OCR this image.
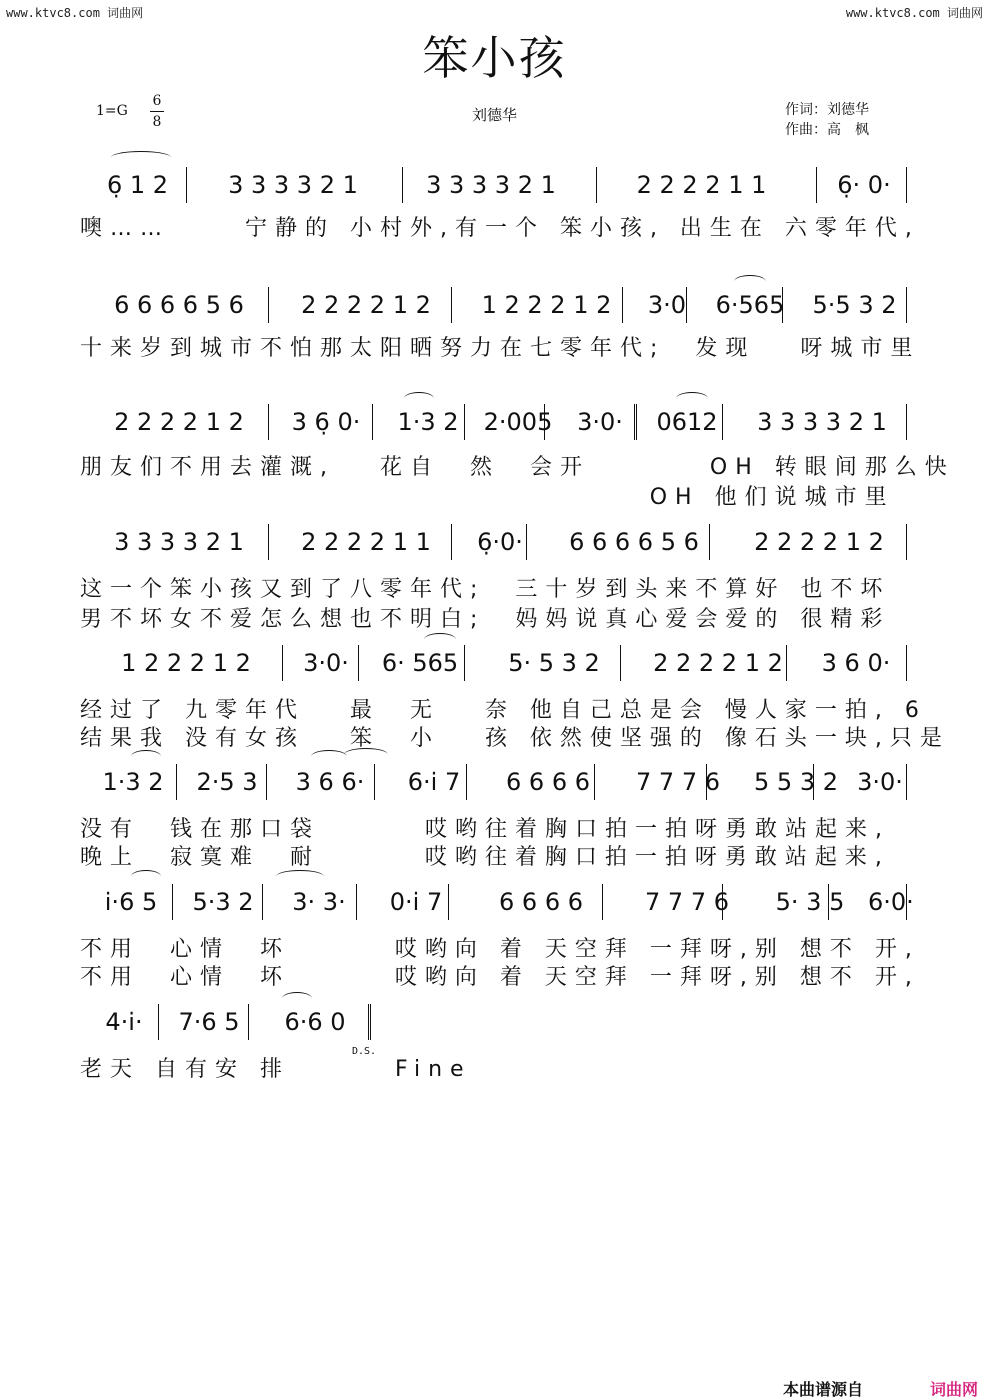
www.ktvc8.com 词曲网	www.ktvc8.com 词曲网
笨小孩
1=G
6
8	刘德华	作词：刘德华
作曲：高　枫
6̣ 1 2	3 3 3 3 2 1	3 3 3 3 2 1	2 2 2 2 1 1	6̣· 0·
噢……     宁静的 小村外,有一个 笨小孩, 出生在 六零年代,
6 6 6 6 5 6	2 2 2 2 1 2	1 2 2 2 1 2	3·0	6·565	5·5 3 2
十来岁到城市不怕那太阳晒努力在七零年代;  发现   呀城市里
2 2 2 2 1 2	3 6̣ 0·	1·3 2	2·005	3·0·	0612	3 3 3 3 2 1
朋友们不用去灌溉,   花自  然  会开        OH 转眼间那么快
OH 他们说城市里
3 3 3 3 2 1	2 2 2 2 1 1	6̣·0·	6 6 6 6 5 6	2 2 2 2 1 2
这一个笨小孩又到了八零年代;  三十岁到头来不算好 也不坏
男不坏女不爱怎么想也不明白;  妈妈说真心爱会爱的 很精彩
1 2 2 2 1 2	3·0·	6· 565	5· 5 3 2	2 2 2 2 1 2	3 6 0·
经过了 九零年代   最  无   奈 他自己总是会 慢人家一拍, 6
结果我 没有女孩   笨  小   孩 依然使坚强的 像石头一块,只是
1·3 2	2·5 3	3 6 6·	6·i̇ 7	6 6 6 6	7 7 7 6	5 5 3 2 3·0·
没有  钱在那口袋       哎哟往着胸口拍一拍呀勇敢站起来,
晚上  寂寞难  耐       哎哟往着胸口拍一拍呀勇敢站起来,
i̇·6 5	5·3 2	3· 3·	0·i̇ 7	6 6 6 6	7 7 7 6	5· 3 5 6·0·
不用  心情  坏       哎哟向 着 天空拜 一拜呀,别 想不 开,
不用  心情  坏       哎哟向 着 天空拜 一拜呀,别 想不 开,
4·i̇·	7·6 5	6·6 0
D.S.
老天 自有安 排       Fine
本曲谱源自	词曲网
